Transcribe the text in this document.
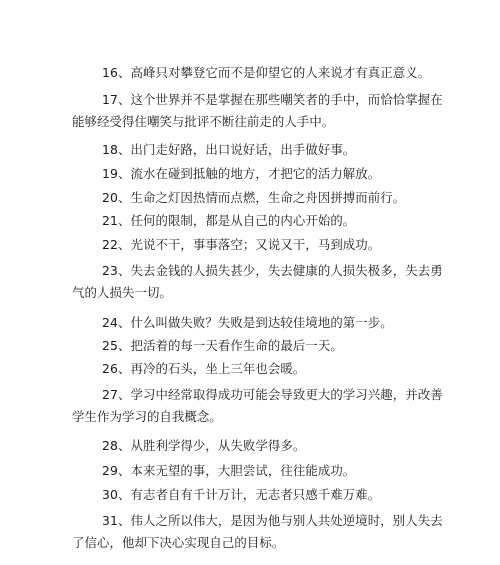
16、高峰只对攀登它而不是仰望它的人来说才有真正意义。
17、这个世界并不是掌握在那些嘲笑者的手中，而恰恰掌握在
能够经受得住嘲笑与批评不断往前走的人手中。
18、出门走好路，出口说好话，出手做好事。
19、流水在碰到抵触的地方，才把它的活力解放。
20、生命之灯因热情而点燃，生命之舟因拼搏而前行。
21、任何的限制，都是从自己的内心开始的。
22、光说不干，事事落空；又说又干，马到成功。
23、失去金钱的人损失甚少，失去健康的人损失极多，失去勇
气的人损失一切。
24、什么叫做失败？失败是到达较佳境地的第一步。
25、把活着的每一天看作生命的最后一天。
26、再冷的石头，坐上三年也会暖。
27、学习中经常取得成功可能会导致更大的学习兴趣，并改善
学生作为学习的自我概念。
28、从胜利学得少，从失败学得多。
29、本来无望的事，大胆尝试，往往能成功。
30、有志者自有千计万计，无志者只感千难万难。
31、伟人之所以伟大，是因为他与别人共处逆境时，别人失去
了信心，他却下决心实现自己的目标。
